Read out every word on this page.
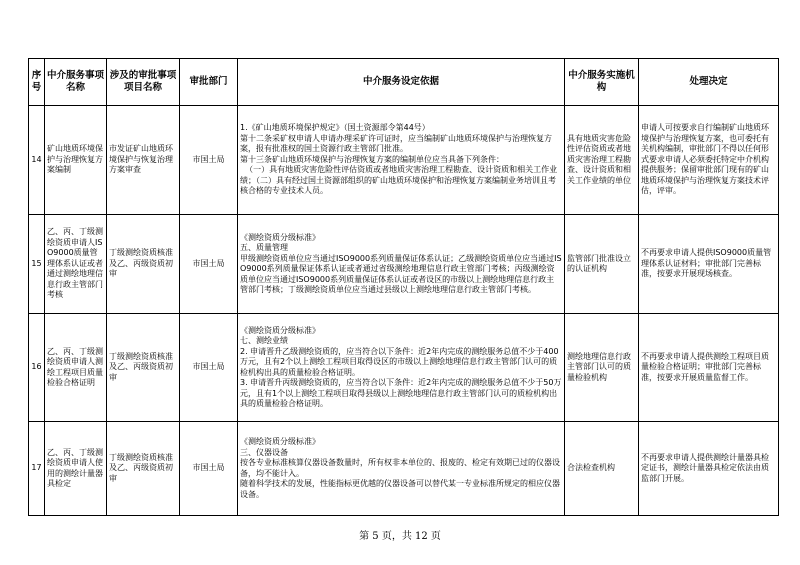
序号	中介服务事项名称	涉及的审批事项项目名称	审批部门	中介服务设定依据	中介服务实施机构	处理决定
14	矿山地质环境保护与治理恢复方案编制	市发证矿山地质环境保护与恢复治理方案审查	市国土局	1.《矿山地质环境保护规定》（国土资源部令第44号）
第十二条采矿权申请人申请办理采矿许可证时，应当编制矿山地质环境保护与治理恢复方案，报有批准权的国土资源行政主管部门批准。
第十三条矿山地质环境保护与治理恢复方案的编制单位应当具备下列条件：
（一）具有地质灾害危险性评估资质或者地质灾害治理工程勘查、设计资质和相关工作业绩；（二）具有经过国土资源部组织的矿山地质环境保护和治理恢复方案编制业务培训且考核合格的专业技术人员。	具有地质灾害危险性评估资质或者地质灾害治理工程勘查、设计资质和相关工作业绩的单位	申请人可按要求自行编制矿山地质环境保护与治理恢复方案，也可委托有关机构编制，审批部门不得以任何形式要求申请人必须委托特定中介机构提供服务；保留审批部门现有的矿山地质环境保护与治理恢复方案技术评估，评审。
15	乙、丙、丁级测绘资质申请人ISO9000质量管理体系认证或者通过测绘地理信息行政主管部门考核	丁级测绘资质核准及乙、丙级资质初审	市国土局	《测绘资质分级标准》
五、质量管理
甲级测绘资质单位应当通过ISO9000系列质量保证体系认证；乙级测绘资质单位应当通过ISO9000系列质量保证体系认证或者通过省级测绘地理信息行政主管部门考核；丙级测绘资质单位应当通过ISO9000系列质量保证体系认证或者设区的市级以上测绘地理信息行政主管部门考核；丁级测绘资质单位应当通过县级以上测绘地理信息行政主管部门考核。	监管部门批准设立的认证机构	不再要求申请人提供ISO9000质量管理体系认证材料；审批部门完善标准，按要求开展现场核查。
16	乙、丙、丁级测绘资质申请人测绘工程项目质量检验合格证明	丁级测绘资质核准及乙、丙级资质初审	市国土局	《测绘资质分级标准》
七、测绘业绩
2. 申请晋升乙级测绘资质的，应当符合以下条件：近2年内完成的测绘服务总值不少于400万元，且有2个以上测绘工程项目取得设区的市级以上测绘地理信息行政主管部门认可的质检机构出具的质量检验合格证明。
3. 申请晋升丙级测绘资质的，应当符合以下条件：近2年内完成的测绘服务总值不少于50万元，且有1个以上测绘工程项目取得县级以上测绘地理信息行政主管部门认可的质检机构出具的质量检验合格证明。	测绘地理信息行政主管部门认可的质量检验机构	不再要求申请人提供测绘工程项目质量检验合格证明；审批部门完善标准，按要求开展质量监督工作。
17	乙、丙、丁级测绘资质申请人使用的测绘计量器具检定	丁级测绘资质核准及乙、丙级资质初审	市国土局	《测绘资质分级标准》
三、仪器设备
按各专业标准核算仪器设备数量时，所有权非本单位的、报废的、检定有效期已过的仪器设备，均不能计入。
随着科学技术的发展，性能指标更优越的仪器设备可以替代某一专业标准所规定的相应仪器设备。	合法检查机构	不再要求申请人提供测绘计量器具检定证书，测绘计量器具检定依法由质监部门开展。
第 5 页，共 12 页
